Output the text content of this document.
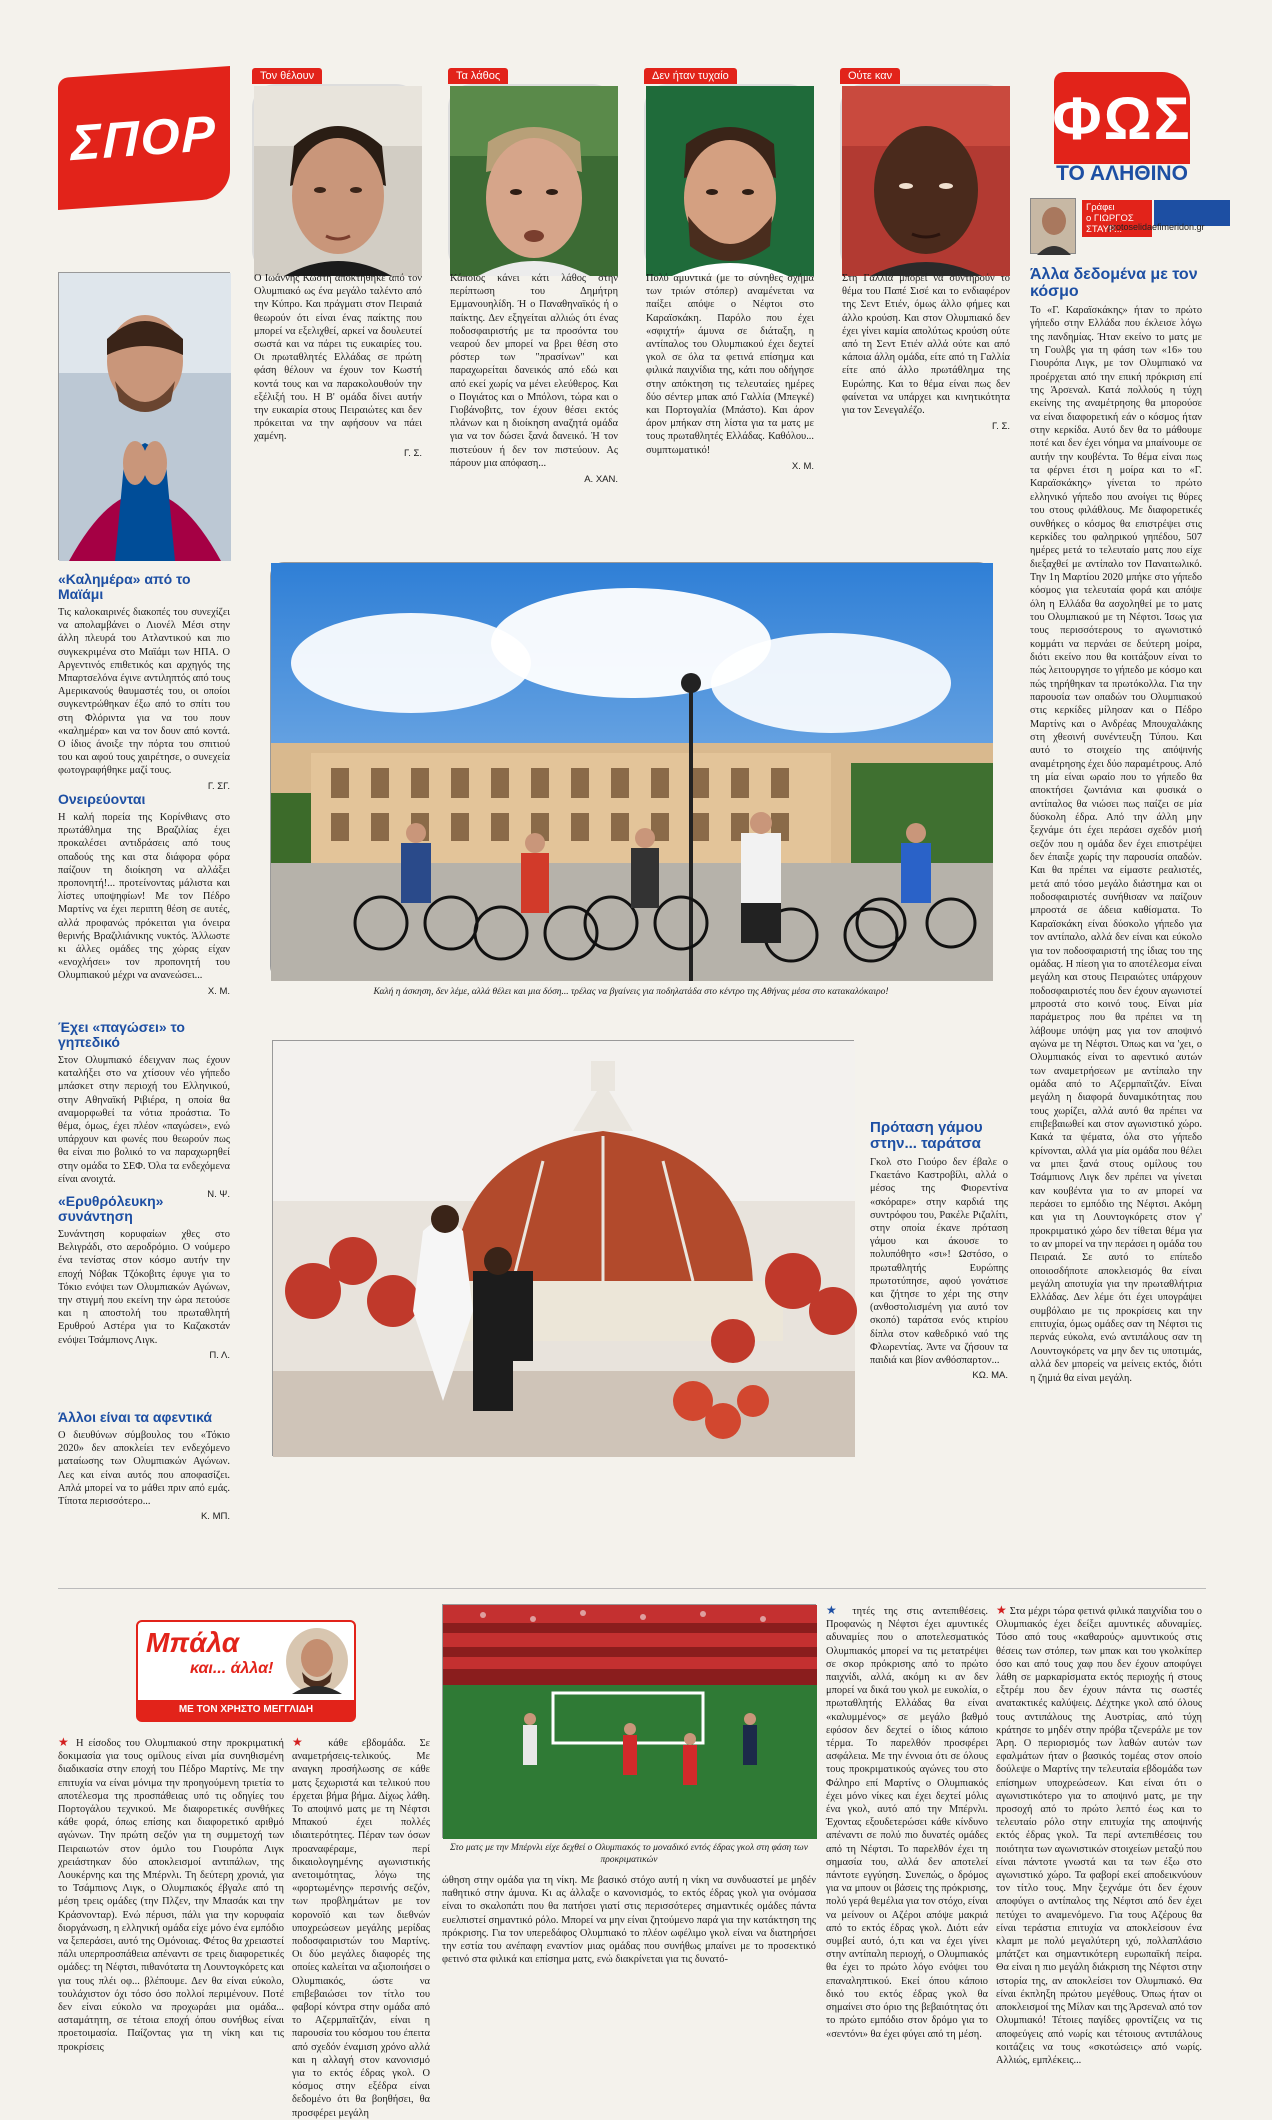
ΣΠΟΡ
Τον θέλουν	Τα λάθος	Δεν ήταν τυχαίο	Ούτε καν
ΦΩΣ
ΤΟ ΑΛΗΘΙΝΟ
Γράφει
ο ΓΙΩΡΓΟΣ ΣΤΑΥΡ...
protoselidaefimeridon.gr

Ο Ιωάννης Κωστή αποκτήθηκε από τον Ολυμπιακό ως ένα μεγάλο ταλέντο από την Κύπρο. Και πράγματι στον Πειραιά θεωρούν ότι είναι ένας παίκτης που μπορεί να εξελιχθεί, αρκεί να δουλευτεί σωστά και να πάρει τις ευκαιρίες του. Οι πρωταθλητές Ελλάδας σε πρώτη φάση θέλουν να έχουν τον Κωστή κοντά τους και να παρακολουθούν την εξέλιξή του. Η Β' ομάδα δίνει αυτήν την ευκαιρία στους Πειραιώτες και δεν πρόκειται να την αφήσουν να πάει χαμένη.

Γ. Σ.

Κάποιος κάνει κάτι λάθος στην περίπτωση του Δημήτρη Εμμανουηλίδη. Ή ο Παναθηναϊκός ή ο παίκτης. Δεν εξηγείται αλλιώς ότι ένας ποδοσφαιριστής με τα προσόντα του νεαρού δεν μπορεί να βρει θέση στο ρόστερ των "πρασίνων" και παραχωρείται δανεικός από εδώ και από εκεί χωρίς να μένει ελεύθερος. Και ο Πογιάτος και ο Μπόλονι, τώρα και ο Γιοβάνοβιτς, τον έχουν θέσει εκτός πλάνων και η διοίκηση αναζητά ομάδα για να τον δώσει ξανά δανεικό. Ή τον πιστεύουν ή δεν τον πιστεύουν. Ας πάρουν μια απόφαση...

Α. ΧΑΝ.

Πολύ αμυντικά (με το σύνηθες σχήμα των τριών στόπερ) αναμένεται να παίξει απόψε ο Νέφτοι στο Καραϊσκάκη. Παρόλο που έχει «σφιχτή» άμυνα σε διάταξη, η αντίπαλος του Ολυμπιακού έχει δεχτεί γκολ σε όλα τα φετινά επίσημα και φιλικά παιχνίδια της, κάτι που οδήγησε στην απόκτηση τις τελευταίες ημέρες δύο σέντερ μπακ από Γαλλία (Μπεγκέ) και Πορτογαλία (Μπάστο). Και άρον άρον μπήκαν στη λίστα για τα ματς με τους πρωταθλητές Ελλάδας. Καθόλου... συμπτωματικό!

Χ. Μ.

Στη Γαλλία μπορεί να συντηρούν το θέμα του Παπέ Σισέ και το ενδιαφέρον της Σεντ Ετιέν, όμως άλλο φήμες και άλλο κρούση. Και στον Ολυμπιακό δεν έχει γίνει καμία απολύτως κρούση ούτε από τη Σεντ Ετιέν αλλά ούτε και από κάποια άλλη ομάδα, είτε από τη Γαλλία είτε από άλλο πρωτάθλημα της Ευρώπης. Και το θέμα είναι πως δεν φαίνεται να υπάρχει και κινητικότητα για τον Σενεγαλέζο.

Γ. Σ.
«Καλημέρα» από το Μαϊάμι
Τις καλοκαιρινές διακοπές του συνεχίζει να απολαμβάνει ο Λιονέλ Μέσι στην άλλη πλευρά του Ατλαντικού και πιο συγκεκριμένα στο Μαϊάμι των ΗΠΑ. Ο Αργεντινός επιθετικός και αρχηγός της Μπαρτσελόνα έγινε αντιληπτός από τους Αμερικανούς θαυμαστές του, οι οποίοι συγκεντρώθηκαν έξω από το σπίτι του στη Φλόριντα για να του πουν «καλημέρα» και να τον δουν από κοντά. Ο ίδιος άνοιξε την πόρτα του σπιτιού του και αφού τους χαιρέτησε, ο συνεχεία φωτογραφήθηκε μαζί τους.
Γ. ΣΓ.
Ονειρεύονται
Η καλή πορεία της Κορίνθιανς στο πρωτάθλημα της Βραζιλίας έχει προκαλέσει αντιδράσεις από τους οπαδούς της και στα διάφορα φόρα παίζουν τη διοίκηση να αλλάξει προπονητή!... προτείνοντας μάλιστα και λίστες υποψηφίων! Με τον Πέδρο Μαρτίνς να έχει περιπτη θέση σε αυτές, αλλά προφανώς πρόκειται για όνειρα θερινής Βραζιλιάνικης νυκτός. Άλλωστε κι άλλες ομάδες της χώρας είχαν «ενοχλήσει» τον προπονητή του Ολυμπιακού μέχρι να ανανεώσει...
Χ. Μ.
Έχει «παγώσει» το γηπεδικό
Στον Ολυμπιακό έδειχναν πως έχουν καταλήξει στο να χτίσουν νέο γήπεδο μπάσκετ στην περιοχή του Ελληνικού, στην Αθηναϊκή Ριβιέρα, η οποία θα αναμορφωθεί τα νότια προάστια. Το θέμα, όμως, έχει πλέον «παγώσει», ενώ υπάρχουν και φωνές που θεωρούν πως θα είναι πιο βολικό το να παραχωρηθεί στην ομάδα το ΣΕΦ. Όλα τα ενδεχόμενα είναι ανοιχτά.
Ν. Ψ.
«Ερυθρόλευκη» συνάντηση
Συνάντηση κορυφαίων χθες στο Βελιγράδι, στο αεροδρόμιο. Ο νούμερο ένα τενίστας στον κόσμο αυτήν την εποχή Νόβακ Τζόκοβιτς έφυγε για το Τόκιο ενόψει των Ολυμπιακών Αγώνων, την στιγμή που εκείνη την ώρα πετούσε και η αποστολή του πρωταθλητή Ερυθρού Αστέρα για το Καζακστάν ενόψει Τσάμπιονς Λιγκ.
Π. Λ.
Άλλοι είναι τα αφεντικά
Ο διευθύνων σύμβουλος του «Τόκιο 2020» δεν αποκλείει τεν ενδεχόμενο ματαίωσης των Ολυμπιακών Αγώνων. Λες και είναι αυτός που αποφασίζει. Απλά μπορεί να το μάθει πριν από εμάς. Τίποτα περισσότερο...
Κ. ΜΠ.
Καλή η άσκηση, δεν λέμε, αλλά θέλει και μια δόση... τρέλας να βγαίνεις για ποδηλατάδα στο κέντρο της Αθήνας μέσα στο κατακαλόκαιρο!
Πρόταση γάμου στην... ταράτσα
Γκολ στο Γιούρο δεν έβαλε ο Γκαετάνο Καστροβίλι, αλλά ο μέσος της Φιορεντίνα «σκόραρε» στην καρδιά της συντρόφου του, Ρακέλε Ριζαλίτι, στην οποία έκανε πρόταση γάμου και άκουσε το πολυπόθητο «σι»! Ωστόσο, ο πρωταθλητής Ευρώπης πρωτοτύπησε, αφού γονάτισε και ζήτησε το χέρι της στην (ανθοστολισμένη για αυτό τον σκοπό) ταράτσα ενός κτιρίου δίπλα στον καθεδρικό ναό της Φλωρεντίας. Άντε να ζήσουν τα παιδιά και βίον ανθόσπαρτον...
ΚΩ. ΜΑ.
Άλλα δεδομένα με τον κόσμο
Το «Γ. Καραϊσκάκης» ήταν το πρώτο γήπεδο στην Ελλάδα που έκλεισε λόγω της πανδημίας. Ήταν εκείνο το ματς με τη Γουλβς για τη φάση των «16» του Γιουρόπα Λιγκ, με τον Ολυμπιακό να προέρχεται από την επική πρόκριση επί της Άρσεναλ. Κατά πολλούς η τύχη εκείνης της αναμέτρησης θα μπορούσε να είναι διαφορετική εάν ο κόσμος ήταν στην κερκίδα. Αυτό δεν θα το μάθουμε ποτέ και δεν έχει νόημα να μπαίνουμε σε αυτήν την κουβέντα. Το θέμα είναι πως τα φέρνει έτσι η μοίρα και το «Γ. Καραϊσκάκης» γίνεται το πρώτο ελληνικό γήπεδο που ανοίγει τις θύρες του στους φιλάθλους. Με διαφορετικές συνθήκες ο κόσμος θα επιστρέψει στις κερκίδες του φαληρικού γηπέδου, 507 ημέρες μετά το τελευταίο ματς που είχε διεξαχθεί με αντίπαλο τον Παναιτωλικό. Την 1η Μαρτίου 2020 μπήκε στο γήπεδο κόσμος για τελευταία φορά και απόψε όλη η Ελλάδα θα ασχοληθεί με το ματς του Ολυμπιακού με τη Νέφτσι. Ίσως για τους περισσότερους το αγωνιστικό κομμάτι να περνάει σε δεύτερη μοίρα, διότι εκείνο που θα κοιτάξουν είναι το πώς λειτουργησε το γήπεδο με κόσμο και πώς τηρήθηκαν τα πρωτόκολλα. Για την παρουσία των οπαδών του Ολυμπιακού στις κερκίδες μίλησαν και ο Πέδρο Μαρτίνς και ο Ανδρέας Μπουχαλάκης στη χθεσινή συνέντευξη Τύπου. Και αυτό το στοιχείο της απόψινής αναμέτρησης έχει δύο παραμέτρους. Από τη μία είναι ωραίο που το γήπεδο θα αποκτήσει ζωντάνια και φυσικά ο αντίπαλος θα νιώσει πως παίζει σε μία δύσκολη έδρα. Από την άλλη μην ξεχνάμε ότι έχει περάσει σχεδόν μισή σεζόν που η ομάδα δεν έχει επιστρέψει δεν έπαιξε χωρίς την παρουσία οπαδών. Και θα πρέπει να είμαστε ρεαλιστές, μετά από τόσο μεγάλο διάστημα και οι ποδοσφαιριστές συνήθισαν να παίζουν μπροστά σε άδεια καθίσματα. Το Καραϊσκάκη είναι δύσκολο γήπεδο για τον αντίπαλο, αλλά δεν είναι και εύκολο για τον ποδοσφαιριστή της ίδιας του της ομάδας. Η πίεση για το αποτέλεσμα είναι μεγάλη και στους Πειραιώτες υπάρχουν ποδοσφαιριστές που δεν έχουν αγωνιστεί μπροστά στο κοινό τους. Είναι μία παράμετρος που θα πρέπει να τη λάβουμε υπόψη μας για τον αποψινό αγώνα με τη Νέφτσι. Όπως και να 'χει, ο Ολυμπιακός είναι το αφεντικό αυτών των αναμετρήσεων με αντίπαλο την ομάδα από το Αζερμπαϊτζάν. Είναι μεγάλη η διαφορά δυναμικότητας που τους χωρίζει, αλλά αυτό θα πρέπει να επιβεβαιωθεί και στον αγωνιστικό χώρο. Κακά τα ψέματα, όλα στο γήπεδο κρίνονται, αλλά για μία ομάδα που θέλει να μπει ξανά στους ομίλους του Τσάμπιονς Λιγκ δεν πρέπει να γίνεται καν κουβέντα για το αν μπορεί να περάσει το εμπόδιο της Νέφτσι. Ακόμη και για τη Λουντογκόρετς στον γ' προκριματικό χώρο δεν τίθεται θέμα για το αν μπορεί να την περάσει η ομάδα του Πειραιά. Σε αυτό το επίπεδο οποιοσδήποτε αποκλεισμός θα είναι μεγάλη αποτυχία για την πρωταθλήτρια Ελλάδας. Δεν λέμε ότι έχει υπογράψει συμβόλαιο με τις προκρίσεις και την επιτυχία, όμως ομάδες σαν τη Νέφτσι τις περνάς εύκολα, ενώ αντιπάλους σαν τη Λουντογκόρετς να μην δεν τις υποτιμάς, αλλά δεν μπορείς να μείνεις εκτός, διότι η ζημιά θα είναι μεγάλη.
Μπάλα
και... άλλα!
ΜΕ ΤΟΝ ΧΡΗΣΤΟ ΜΕΓΓΛΙΔΗ
Στο ματς με την Μπέρνλι είχε δεχθεί ο Ολυμπιακός το μοναδικό εντός έδρας γκολ στη φάση των προκριματικών
★ Η είσοδος του Ολυμπιακού στην προκριματική δοκιμασία για τους ομίλους είναι μία συνηθισμένη διαδικασία στην εποχή του Πέδρο Μαρτίνς. Με την επιτυχία να είναι μόνιμα την προηγούμενη τριετία το αποτέλεσμα της προσπάθειας υπό τις οδηγίες του Πορτογάλου τεχνικού. Με διαφορετικές συνθήκες κάθε φορά, όπως επίσης και διαφορετικό αριθμό αγώνων. Την πρώτη σεζόν για τη συμμετοχή των Πειραιωτών στον όμιλο του Γιουρόπα Λιγκ χρειάστηκαν δύο αποκλεισμοί αντιπάλων, της Λουκέρνης και της Μπέρνλι. Τη δεύτερη χρονιά, για το Τσάμπιονς Λιγκ, ο Ολυμπιακός έβγαλε από τη μέση τρεις ομάδες (την Πλζεν, την Μπασάκ και την Κράσνονταρ). Ενώ πέρυσι, πάλι για την κορυφαία διοργάνωση, η ελληνική ομάδα είχε μόνο ένα εμπόδιο να ξεπεράσει, αυτό της Ομόνοιας. Φέτος θα χρειαστεί πάλι υπερπροσπάθεια απέναντι σε τρεις διαφορετικές ομάδες: τη Νέφτσι, πιθανότατα τη Λουντογκόρετς και για τους πλέι οφ... βλέπουμε. Δεν θα είναι εύκολο, τουλάχιστον όχι τόσο όσο πολλοί περιμένουν. Ποτέ δεν είναι εύκολο να προχωράει μια ομάδα... ασταμάτητη, σε τέτοια εποχή όπου συνήθως είναι προετοιμασία. Παίζοντας για τη νίκη και τις προκρίσεις
★ κάθε εβδομάδα. Σε αναμετρήσεις-τελικούς. Με αναγκη προσήλωσης σε κάθε ματς ξεχωριστά και τελικού που έρχεται βήμα βήμα. Δίχως λάθη. Το αποψινό ματς με τη Νέφτσι Μπακού έχει πολλές ιδιαιτερότητες. Πέραν των όσων προαναφέραμε, περί δικαιολογημένης αγωνιστικής ανετοιμότητας, λόγω της «φορτωμένης» περσινής σεζόν, των προβλημάτων με τον κορονοϊό και των διεθνών υποχρεώσεων μεγάλης μερίδας ποδοσφαιριστών του Μαρτίνς. Οι δύο μεγάλες διαφορές της οποίες καλείται να αξιοποιήσει ο Ολυμπιακός, ώστε να επιβεβαιώσει τον τίτλο του φαβορί κόντρα στην ομάδα από το Αζερμπαϊτζάν, είναι η παρουσία του κόσμου του έπειτα από σχεδόν έναμιση χρόνο αλλά και η αλλαγή στον κανονισμό για το εκτός έδρας γκολ. Ο κόσμος στην εξέδρα είναι δεδομένο ότι θα βοηθήσει, θα προσφέρει μεγάλη
ώθηση στην ομάδα για τη νίκη. Με βασικό στόχο αυτή η νίκη να συνδυαστεί με μηδέν παθητικό στην άμυνα. Κι ας άλλαξε ο κανονισμός, το εκτός έδρας γκολ για ονόμασα είναι το σκαλοπάτι που θα πατήσει γιατί στις περισσότερες σημαντικές ομάδες πάντα ευελπιστεί σημαντικό ρόλο. Μπορεί να μην είναι ζητούμενο παρά για την κατάκτηση της πρόκρισης. Για τον υπερεδάφος Ολυμπιακό το πλέον ωφέλιμο γκολ είναι να διατηρήσει την εστία του ανέπαφη εναντίον μιας ομάδας που συνήθως μπαίνει με το προσεκτικό φετινό στα φιλικά και επίσημα ματς, ενώ διακρίνεται για τις δυνατό-
★ τητές της στις αντεπιθέσεις. Προφανώς η Νέφτσι έχει αμυντικές αδυναμίες που ο αποτελεσματικός Ολυμπιακός μπορεί να τις μετατρέψει σε σκορ πρόκρισης από το πρώτο παιχνίδι, αλλά, ακόμη κι αν δεν μπορεί να δικά του γκολ με ευκολία, ο πρωταθλητής Ελλάδας θα είναι «καλυμμένος» σε μεγάλο βαθμό εφόσον δεν δεχτεί ο ίδιος κάποιο τέρμα. Το παρελθόν προσφέρει ασφάλεια. Με την έννοια ότι σε όλους τους προκριματικούς αγώνες του στο Φάληρο επί Μαρτίνς ο Ολυμπιακός έχει μόνο νίκες και έχει δεχτεί μόλις ένα γκολ, αυτό από την Μπέρνλι. Έχοντας εξουδετερώσει κάθε κίνδυνο απέναντι σε πολύ πιο δυνατές ομάδες από τη Νέφτσι. Το παρελθόν έχει τη σημασία του, αλλά δεν αποτελεί πάντοτε εγγύηση. Συνεπώς, ο δρόμος για να μπουν οι βάσεις της πρόκρισης, πολύ γερά θεμέλια για τον στόχο, είναι να μείνουν οι Αζέροι απόψε μακριά από το εκτός έδρας γκολ. Διότι εάν συμβεί αυτό, ό,τι και να έχει γίνει στην αντίπαλη περιοχή, ο Ολυμπιακός θα έχει το πρώτο λόγο ενόψει του επαναληπτικού. Εκεί όπου κάποιο δικό του εκτός έδρας γκολ θα σημαίνει στο όριο της βεβαιότητας ότι το πρώτο εμπόδιο στον δρόμο για το «σεντόνι» θα έχει φύγει από τη μέση.
★ Στα μέχρι τώρα φετινά φιλικά παιχνίδια του ο Ολυμπιακός έχει δείξει αμυντικές αδυναμίες. Τόσο από τους «καθαρούς» αμυντικούς στις θέσεις των στόπερ, των μπακ και του γκολκίπερ όσο και από τους χαφ που δεν έχουν αποφύγει λάθη σε μαρκαρίσματα εκτός περιοχής ή στους εξτρέμ που δεν έχουν πάντα τις σωστές ανατακτικές καλύψεις. Δέχτηκε γκολ από όλους τους αντιπάλους της Αυστρίας, από τύχη κράτησε το μηδέν στην πρόβα τζενεράλε με τον Άρη. Ο περιορισμός των λαθών αυτών των εφαλμάτων ήταν ο βασικός τομέας στον οποίο δούλεψε ο Μαρτίνς την τελευταία εβδομάδα των επίσημων υποχρεώσεων. Και είναι ότι ο αγωνιστικότερο για το αποψινό ματς, με την προσοχή από το πρώτο λεπτό έως και το τελευταίο ρόλο στην επιτυχία της αποψινής εκτός έδρας γκολ. Τα περί αντεπιθέσεις του ποιότητα των αγωνιστικών στοιχείων μεταξύ που είναι πάντοτε γνωστά και τα των έξω στο αγωνιστικό χώρο. Τα φαβορί εκεί αποδεικνύουν τον τίτλο τους. Μην ξεχνάμε ότι δεν έχουν αποφύγει ο αντίπαλος της Νέφτσι από δεν έχει πετύχει το αναμενόμενο. Για τους Αζέρους θα είναι τεράστια επιτυχία να αποκλείσουν ένα κλαμπ με πολύ μεγαλύτερη ιχύ, πολλαπλάσιο μπάτζετ και σημαντικότερη ευρωπαϊκή πείρα. Θα είναι η πιο μεγάλη διάκριση της Νέφτσι στην ιστορία της, αν αποκλείσει τον Ολυμπιακό. Θα είναι έκπληξη πρώτου μεγέθους. Όπως ήταν οι αποκλεισμοί της Μίλαν και της Άρσεναλ από τον Ολυμπιακό! Τέτοιες παγίδες φροντίζεις να τις αποφεύγεις από νωρίς και τέτοιους αντιπάλους κοιτάζεις να τους «σκοτώσεις» από νωρίς. Αλλιώς, εμπλέκεις...
